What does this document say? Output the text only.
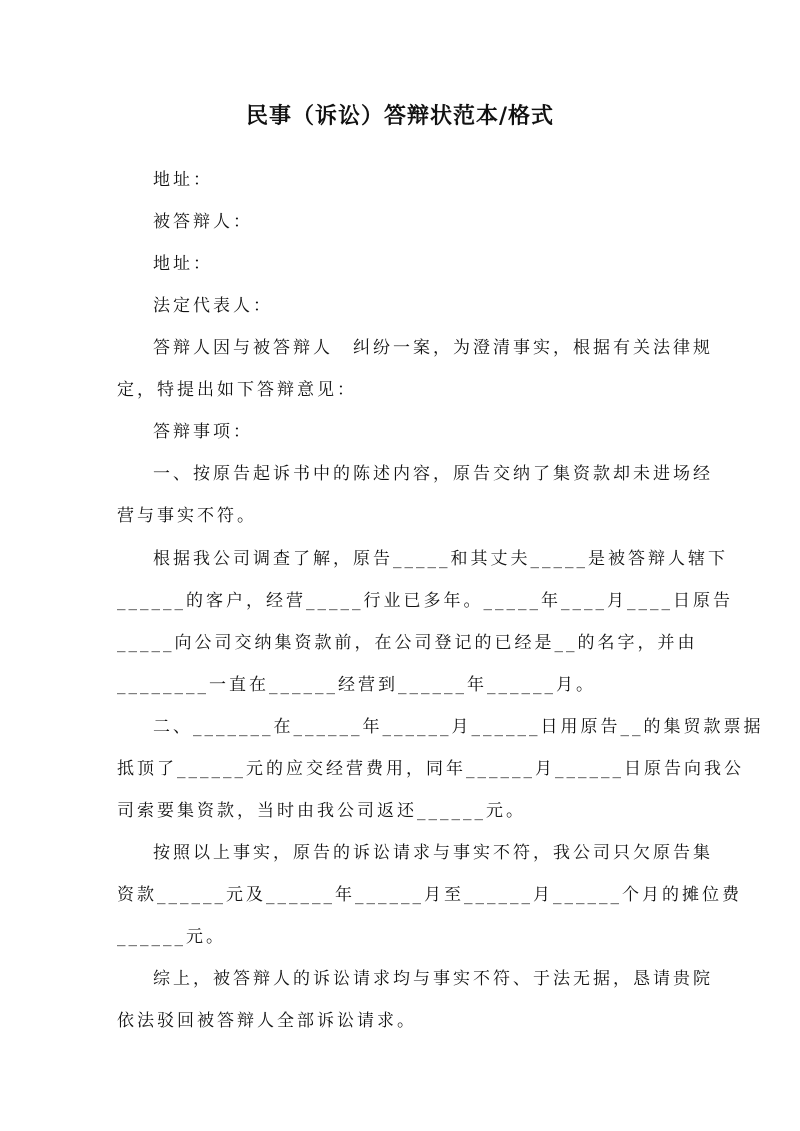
民事（诉讼）答辩状范本/格式
地址：
被答辩人：
地址：
法定代表人：
答辩人因与被答辩人　纠纷一案，为澄清事实，根据有关法律规
定，特提出如下答辩意见：
答辩事项：
一、按原告起诉书中的陈述内容，原告交纳了集资款却未进场经
营与事实不符。
根据我公司调查了解，原告_____和其丈夫_____是被答辩人辖下
______的客户，经营_____行业已多年。_____年____月____日原告
_____向公司交纳集资款前，在公司登记的已经是__的名字，并由
________一直在______经营到______年______月。
二、_______在______年______月______日用原告__的集贸款票据
抵顶了______元的应交经营费用，同年______月______日原告向我公
司索要集资款，当时由我公司返还______元。
按照以上事实，原告的诉讼请求与事实不符，我公司只欠原告集
资款______元及______年______月至______月______个月的摊位费
______元。
综上，被答辩人的诉讼请求均与事实不符、于法无据，恳请贵院
依法驳回被答辩人全部诉讼请求。
